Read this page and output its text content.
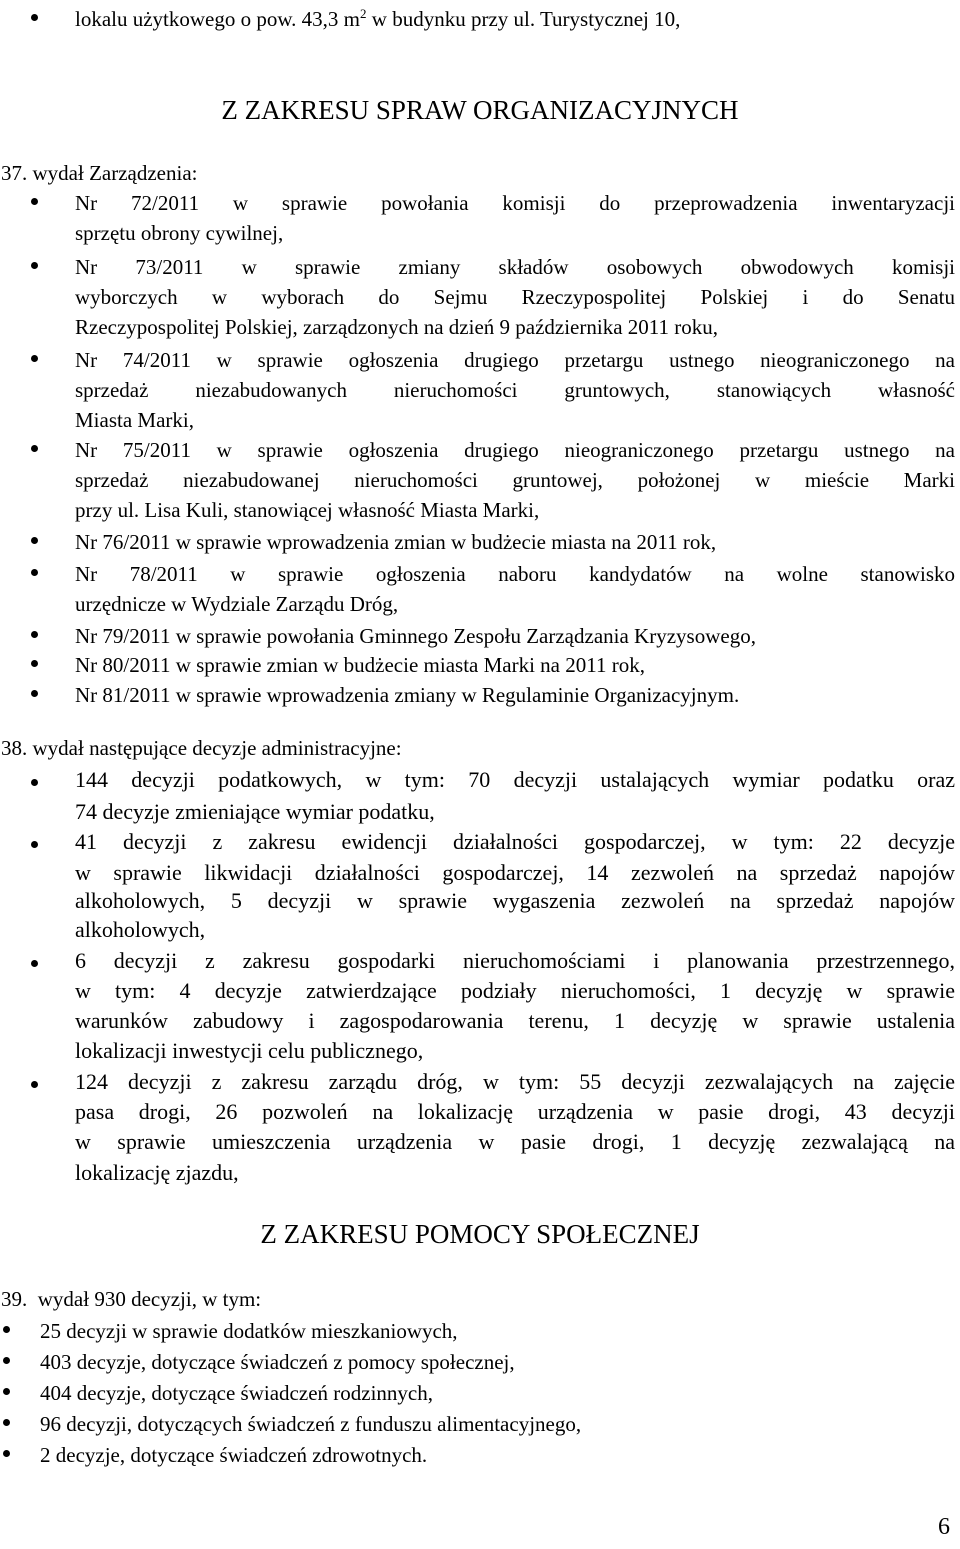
lokalu użytkowego o pow. 43,3 $m^2$ w budynku przy ul. Turystycznej 10,
Z ZAKRESU SPRAW ORGANIZACYJNYCH
37. wydał Zarządzenia:
Nr 72/2011 w sprawie powołania komisji do przeprowadzenia inwentaryzacji
sprzętu obrony cywilnej,
Nr 73/2011 w sprawie zmiany składów osobowych obwodowych komisji
wyborczych w wyborach do Sejmu Rzeczypospolitej Polskiej i do Senatu
Rzeczypospolitej Polskiej, zarządzonych na dzień 9 października 2011 roku,
Nr 74/2011 w sprawie ogłoszenia drugiego przetargu ustnego nieograniczonego na
sprzedaż niezabudowanych nieruchomości gruntowych, stanowiących własność
Miasta Marki,
Nr 75/2011 w sprawie ogłoszenia drugiego nieograniczonego przetargu ustnego na
sprzedaż niezabudowanej nieruchomości gruntowej, położonej w mieście Marki
przy ul. Lisa Kuli, stanowiącej własność Miasta Marki,
Nr 76/2011 w sprawie wprowadzenia zmian w budżecie miasta na 2011 rok,
Nr 78/2011 w sprawie ogłoszenia naboru kandydatów na wolne stanowisko
urzędnicze w Wydziale Zarządu Dróg,
Nr 79/2011 w sprawie powołania Gminnego Zespołu Zarządzania Kryzysowego,
Nr 80/2011 w sprawie zmian w budżecie miasta Marki na 2011 rok,
Nr 81/2011 w sprawie wprowadzenia zmiany w Regulaminie Organizacyjnym.
38. wydał następujące decyzje administracyjne:
144 decyzji podatkowych, w tym: 70 decyzji ustalających wymiar podatku oraz
74 decyzje zmieniające wymiar podatku,
41 decyzji z zakresu ewidencji działalności gospodarczej, w tym: 22 decyzje
w sprawie likwidacji działalności gospodarczej, 14 zezwoleń na sprzedaż napojów
alkoholowych, 5 decyzji w sprawie wygaszenia zezwoleń na sprzedaż napojów
alkoholowych,
6 decyzji z zakresu gospodarki nieruchomościami i planowania przestrzennego,
w tym: 4 decyzje zatwierdzające podziały nieruchomości, 1 decyzję w sprawie
warunków zabudowy i zagospodarowania terenu, 1 decyzję w sprawie ustalenia
lokalizacji inwestycji celu publicznego,
124 decyzji z zakresu zarządu dróg, w tym: 55 decyzji zezwalających na zajęcie
pasa drogi, 26 pozwoleń na lokalizację urządzenia w pasie drogi, 43 decyzji
w sprawie umieszczenia urządzenia w pasie drogi, 1 decyzję zezwalającą na
lokalizację zjazdu,
Z ZAKRESU POMOCY SPOŁECZNEJ
39. wydał 930 decyzji, w tym:
25 decyzji w sprawie dodatków mieszkaniowych,
403 decyzje, dotyczące świadczeń z pomocy społecznej,
404 decyzje, dotyczące świadczeń rodzinnych,
96 decyzji, dotyczących świadczeń z funduszu alimentacyjnego,
2 decyzje, dotyczące świadczeń zdrowotnych.
6
